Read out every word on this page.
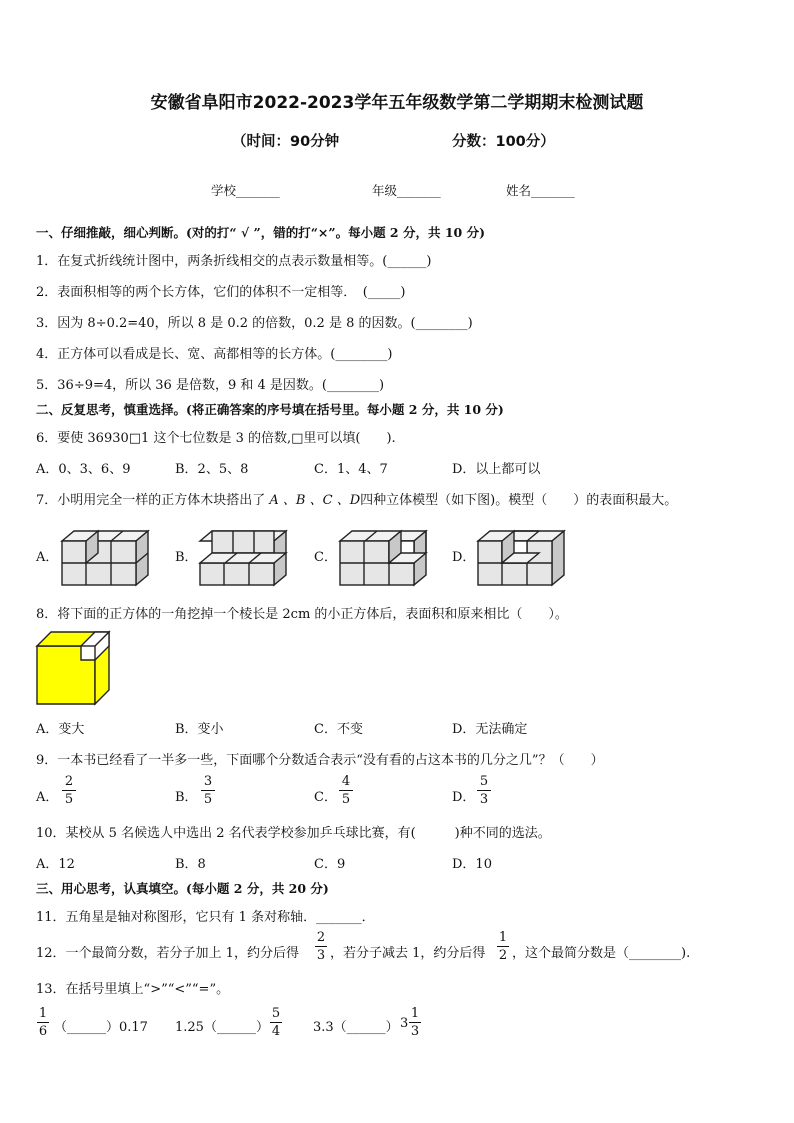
安徽省阜阳市2022-2023学年五年级数学第二学期期末检测试题
（时间：90分钟	分数：100分）
学校_______	年级_______	姓名_______
一、仔细推敲，细心判断。(对的打“ √ ”，错的打“×”。每小题 2 分，共 10 分)
1．在复式折线统计图中，两条折线相交的点表示数量相等。(______)
2．表面积相等的两个长方体，它们的体积不一定相等．　(_____)
3．因为 8÷0.2=40，所以 8 是 0.2 的倍数，0.2 是 8 的因数。(________)
4．正方体可以看成是长、宽、高都相等的长方体。(________)
5．36÷9=4，所以 36 是倍数，9 和 4 是因数。(________)
二、反复思考，慎重选择。(将正确答案的序号填在括号里。每小题 2 分，共 10 分)
6．要使 36930□1 这个七位数是 3 的倍数,□里可以填(　　).
A．0、3、6、9	B．2、5、8	C．1、4、7	D．以上都可以
7．小明用完全一样的正方体木块搭出了 A 、B 、C 、D四种立体模型（如下图)。模型（　　）的表面积最大。
A．	B．	C．	D．
8．将下面的正方体的一角挖掉一个棱长是 2cm 的小正方体后，表面积和原来相比（　　）。
A．变大	B．变小	C．不变	D．无法确定
9．一本书已经看了一半多一些，下面哪个分数适合表示“没有看的占这本书的几分之几”？（　　）
A．
2
5	B．
3
5	C．
4
5	D．
5
3
10．某校从 5 名候选人中选出 2 名代表学校参加乒乓球比赛，有(　　　)种不同的选法。
A．12	B．8	C．9	D．10
三、用心思考，认真填空。(每小题 2 分，共 20 分)
11．五角星是轴对称图形，它只有 1 条对称轴．_______．
12．一个最简分数，若分子加上 1，约分后得
2
3 ，若分子减去 1，约分后得
1
2 ，这个最简分数是（________).
13．在括号里填上“>”“<”“=”。
1
6 （______）0.17 1.25（______）
5
4	3.3（______） 3
1
3
